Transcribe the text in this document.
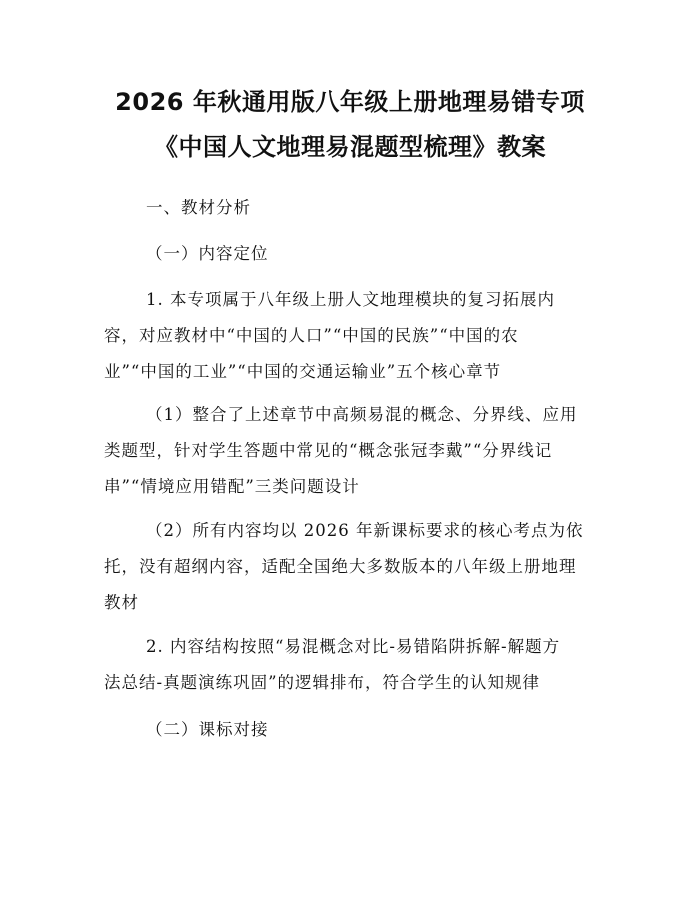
2026 年秋通用版八年级上册地理易错专项
《中国人文地理易混题型梳理》教案
一、教材分析
（一）内容定位
1. 本专项属于八年级上册人文地理模块的复习拓展内
容，对应教材中“中国的人口”“中国的民族”“中国的农
业”“中国的工业”“中国的交通运输业”五个核心章节
（1）整合了上述章节中高频易混的概念、分界线、应用
类题型，针对学生答题中常见的“概念张冠李戴”“分界线记
串”“情境应用错配”三类问题设计
（2）所有内容均以 2026 年新课标要求的核心考点为依
托，没有超纲内容，适配全国绝大多数版本的八年级上册地理
教材
2. 内容结构按照“易混概念对比-易错陷阱拆解-解题方
法总结-真题演练巩固”的逻辑排布，符合学生的认知规律
（二）课标对接
